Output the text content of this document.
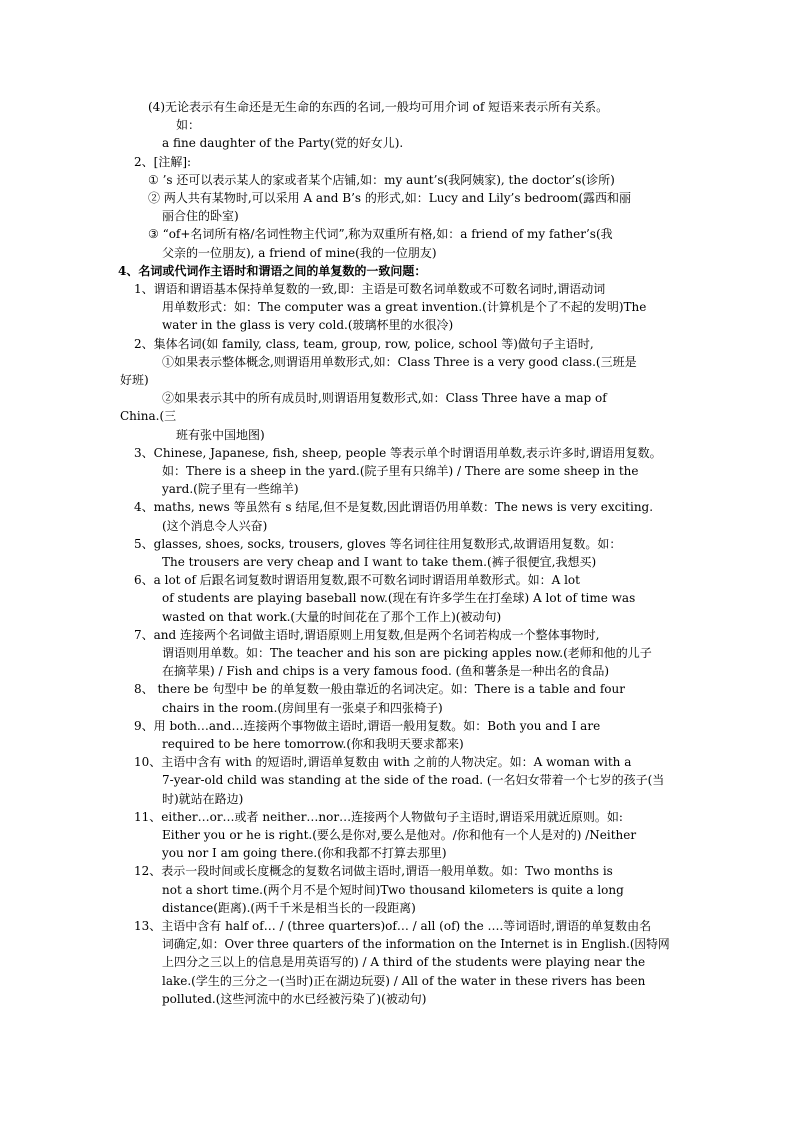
(4)无论表示有生命还是无生命的东西的名词,一般均可用介词 of 短语来表示所有关系。
如：
a fine daughter of the Party(党的好女儿).
2、[注解]:
① ’s 还可以表示某人的家或者某个店铺,如：my aunt’s(我阿姨家), the doctor’s(诊所)
② 两人共有某物时,可以采用 A and B’s 的形式,如：Lucy and Lily’s bedroom(露西和丽
丽合住的卧室)
③ “of+名词所有格/名词性物主代词”,称为双重所有格,如：a friend of my father’s(我
父亲的一位朋友), a friend of mine(我的一位朋友)
4、名词或代词作主语时和谓语之间的单复数的一致问题：
1、谓语和谓语基本保持单复数的一致,即：主语是可数名词单数或不可数名词时,谓语动词
用单数形式：如：The computer was a great invention.(计算机是个了不起的发明)The
water in the glass is very cold.(玻璃杯里的水很冷)
2、集体名词(如 family, class, team, group, row, police, school 等)做句子主语时,
①如果表示整体概念,则谓语用单数形式,如：Class Three is a very good class.(三班是
好班)
②如果表示其中的所有成员时,则谓语用复数形式,如：Class Three have a map of
China.(三
班有张中国地图)
3、Chinese, Japanese, fish, sheep, people 等表示单个时谓语用单数,表示许多时,谓语用复数。
如：There is a sheep in the yard.(院子里有只绵羊) / There are some sheep in the
yard.(院子里有一些绵羊)
4、maths, news 等虽然有 s 结尾,但不是复数,因此谓语仍用单数：The news is very exciting.
(这个消息令人兴奋)
5、glasses, shoes, socks, trousers, gloves 等名词往往用复数形式,故谓语用复数。如：
The trousers are very cheap and I want to take them.(裤子很便宜,我想买)
6、a lot of 后跟名词复数时谓语用复数,跟不可数名词时谓语用单数形式。如：A lot
of students are playing baseball now.(现在有许多学生在打垒球) A lot of time was
wasted on that work.(大量的时间花在了那个工作上)(被动句)
7、and 连接两个名词做主语时,谓语原则上用复数,但是两个名词若构成一个整体事物时,
谓语则用单数。如：The teacher and his son are picking apples now.(老师和他的儿子
在摘苹果) / Fish and chips is a very famous food. (鱼和薯条是一种出名的食品)
8、 there be 句型中 be 的单复数一般由靠近的名词决定。如：There is a table and four
chairs in the room.(房间里有一张桌子和四张椅子)
9、用 both…and…连接两个事物做主语时,谓语一般用复数。如：Both you and I are
required to be here tomorrow.(你和我明天要求都来)
10、主语中含有 with 的短语时,谓语单复数由 with 之前的人物决定。如：A woman with a
7-year-old child was standing at the side of the road. (一名妇女带着一个七岁的孩子(当
时)就站在路边)
11、either…or…或者 neither…nor…连接两个人物做句子主语时,谓语采用就近原则。如:
Either you or he is right.(要么是你对,要么是他对。/你和他有一个人是对的) /Neither
you nor I am going there.(你和我都不打算去那里)
12、表示一段时间或长度概念的复数名词做主语时,谓语一般用单数。如：Two months is
not a short time.(两个月不是个短时间)Two thousand kilometers is quite a long
distance(距离).(两千千米是相当长的一段距离)
13、主语中含有 half of… / (three quarters)of… / all (of) the ….等词语时,谓语的单复数由名
词确定,如：Over three quarters of the information on the Internet is in English.(因特网
上四分之三以上的信息是用英语写的) / A third of the students were playing near the
lake.(学生的三分之一(当时)正在湖边玩耍) / All of the water in these rivers has been
polluted.(这些河流中的水已经被污染了)(被动句)
